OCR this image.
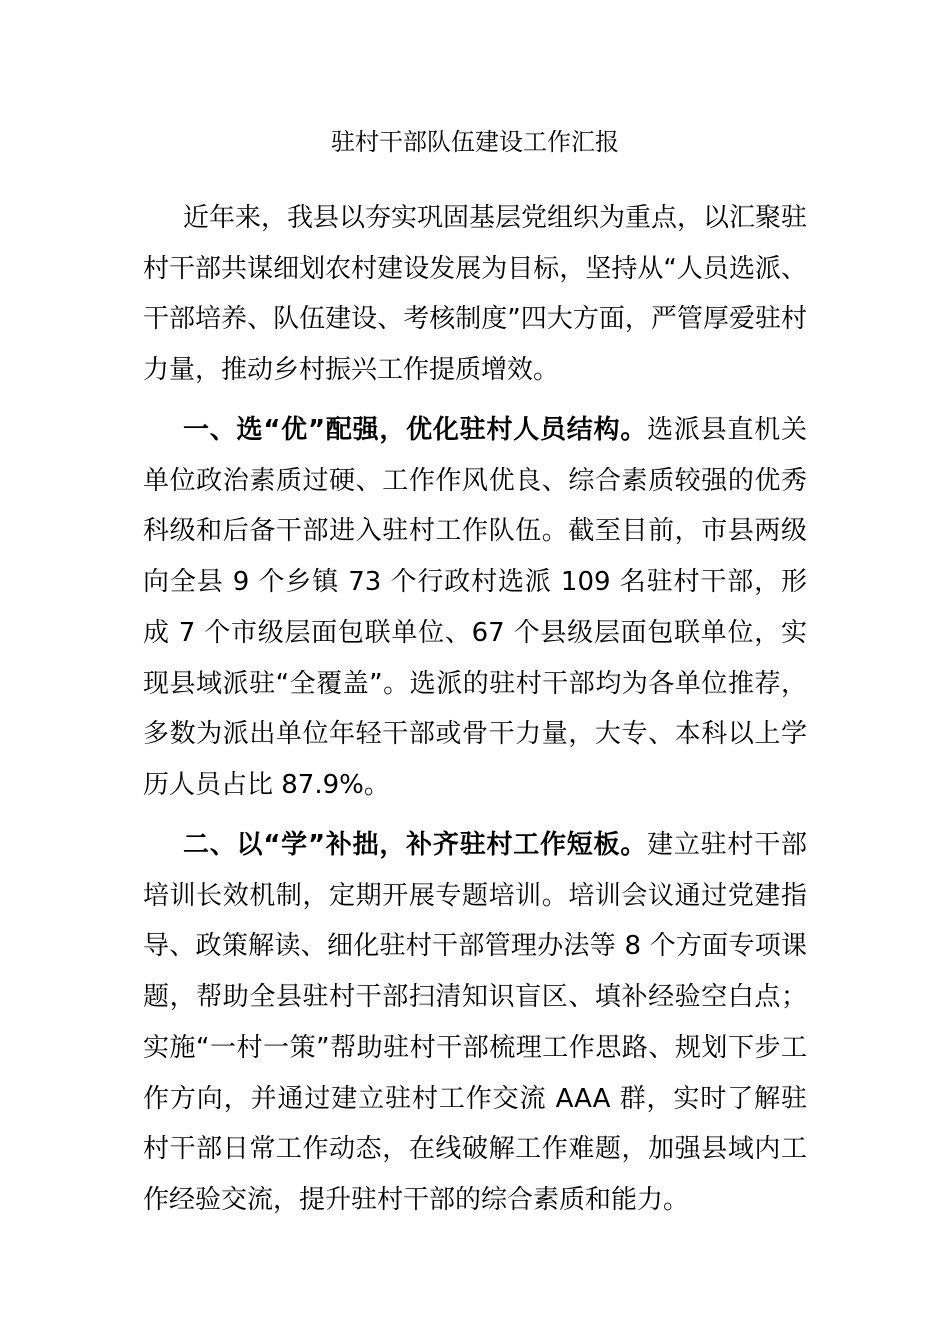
驻村干部队伍建设工作汇报

近年来，我县以夯实巩固基层党组织为重点，以汇聚驻村干部共谋细划农村建设发展为目标，坚持从“人员选派、干部培养、队伍建设、考核制度”四大方面，严管厚爱驻村力量，推动乡村振兴工作提质增效。

一、选“优”配强，优化驻村人员结构。选派县直机关单位政治素质过硬、工作作风优良、综合素质较强的优秀科级和后备干部进入驻村工作队伍。截至目前，市县两级向全县 9 个乡镇 73 个行政村选派 109 名驻村干部，形成 7 个市级层面包联单位、67 个县级层面包联单位，实现县域派驻“全覆盖”。选派的驻村干部均为各单位推荐，多数为派出单位年轻干部或骨干力量，大专、本科以上学历人员占比 87.9%。

二、以“学”补拙，补齐驻村工作短板。建立驻村干部培训长效机制，定期开展专题培训。培训会议通过党建指导、政策解读、细化驻村干部管理办法等 8 个方面专项课题，帮助全县驻村干部扫清知识盲区、填补经验空白点；实施“一村一策”帮助驻村干部梳理工作思路、规划下步工作方向，并通过建立驻村工作交流 AAA 群，实时了解驻村干部日常工作动态，在线破解工作难题，加强县域内工作经验交流，提升驻村干部的综合素质和能力。
